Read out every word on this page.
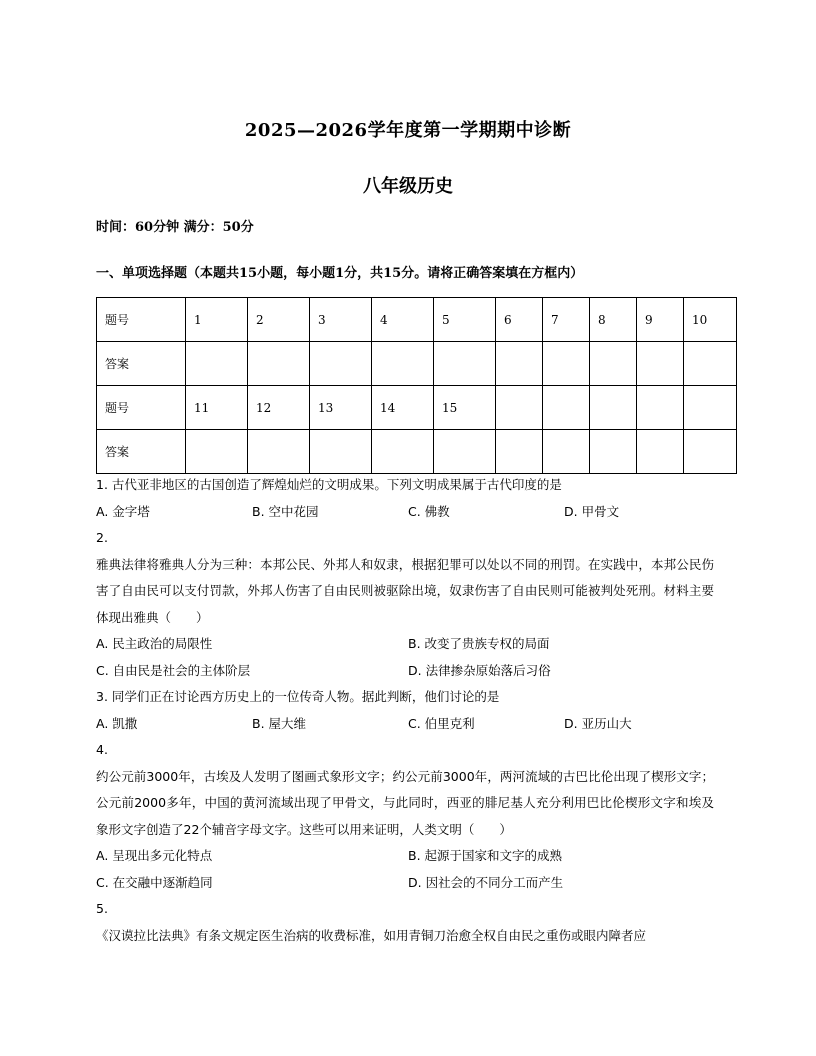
2025—2026学年度第一学期期中诊断
八年级历史
时间：60分钟 满分：50分
一、单项选择题（本题共15小题，每小题1分，共15分。请将正确答案填在方框内）
题号	1	2	3	4	5	6	7	8	9	10
答案										
题号	11	12	13	14	15					
答案										
1. 古代亚非地区的古国创造了辉煌灿烂的文明成果。下列文明成果属于古代印度的是
A. 金字塔	B. 空中花园	C. 佛教	D. 甲骨文
2.
雅典法律将雅典人分为三种：本邦公民、外邦人和奴隶，根据犯罪可以处以不同的刑罚。在实践中，本邦公民伤害了自由民可以支付罚款，外邦人伤害了自由民则被驱除出境，奴隶伤害了自由民则可能被判处死刑。材料主要体现出雅典（　　）
A. 民主政治的局限性	B. 改变了贵族专权的局面
C. 自由民是社会的主体阶层	D. 法律掺杂原始落后习俗
3. 同学们正在讨论西方历史上的一位传奇人物。据此判断，他们讨论的是
A. 凯撒	B. 屋大维	C. 伯里克利	D. 亚历山大
4.
约公元前3000年，古埃及人发明了图画式象形文字；约公元前3000年，两河流域的古巴比伦出现了楔形文字；公元前2000多年，中国的黄河流域出现了甲骨文，与此同时，西亚的腓尼基人充分利用巴比伦楔形文字和埃及象形文字创造了22个辅音字母文字。这些可以用来证明，人类文明（　　）
A. 呈现出多元化特点	B. 起源于国家和文字的成熟
C. 在交融中逐渐趋同	D. 因社会的不同分工而产生
5.
《汉谟拉比法典》有条文规定医生治病的收费标准，如用青铜刀治愈全权自由民之重伤或眼内障者应
